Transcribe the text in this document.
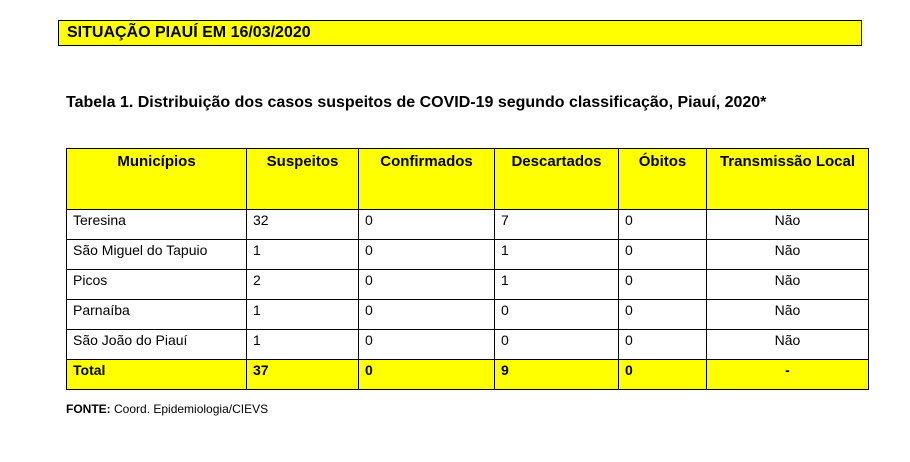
SITUAÇÃO PIAUÍ EM 16/03/2020
Tabela 1. Distribuição dos casos suspeitos de COVID-19 segundo classificação, Piauí, 2020*
Municípios	Suspeitos	Confirmados	Descartados	Óbitos	Transmissão Local
Teresina	32	0	7	0	Não
São Miguel do Tapuio	1	0	1	0	Não
Picos	2	0	1	0	Não
Parnaíba	1	0	0	0	Não
São João do Piauí	1	0	0	0	Não
Total	37	0	9	0	-
FONTE: Coord. Epidemiologia/CIEVS
